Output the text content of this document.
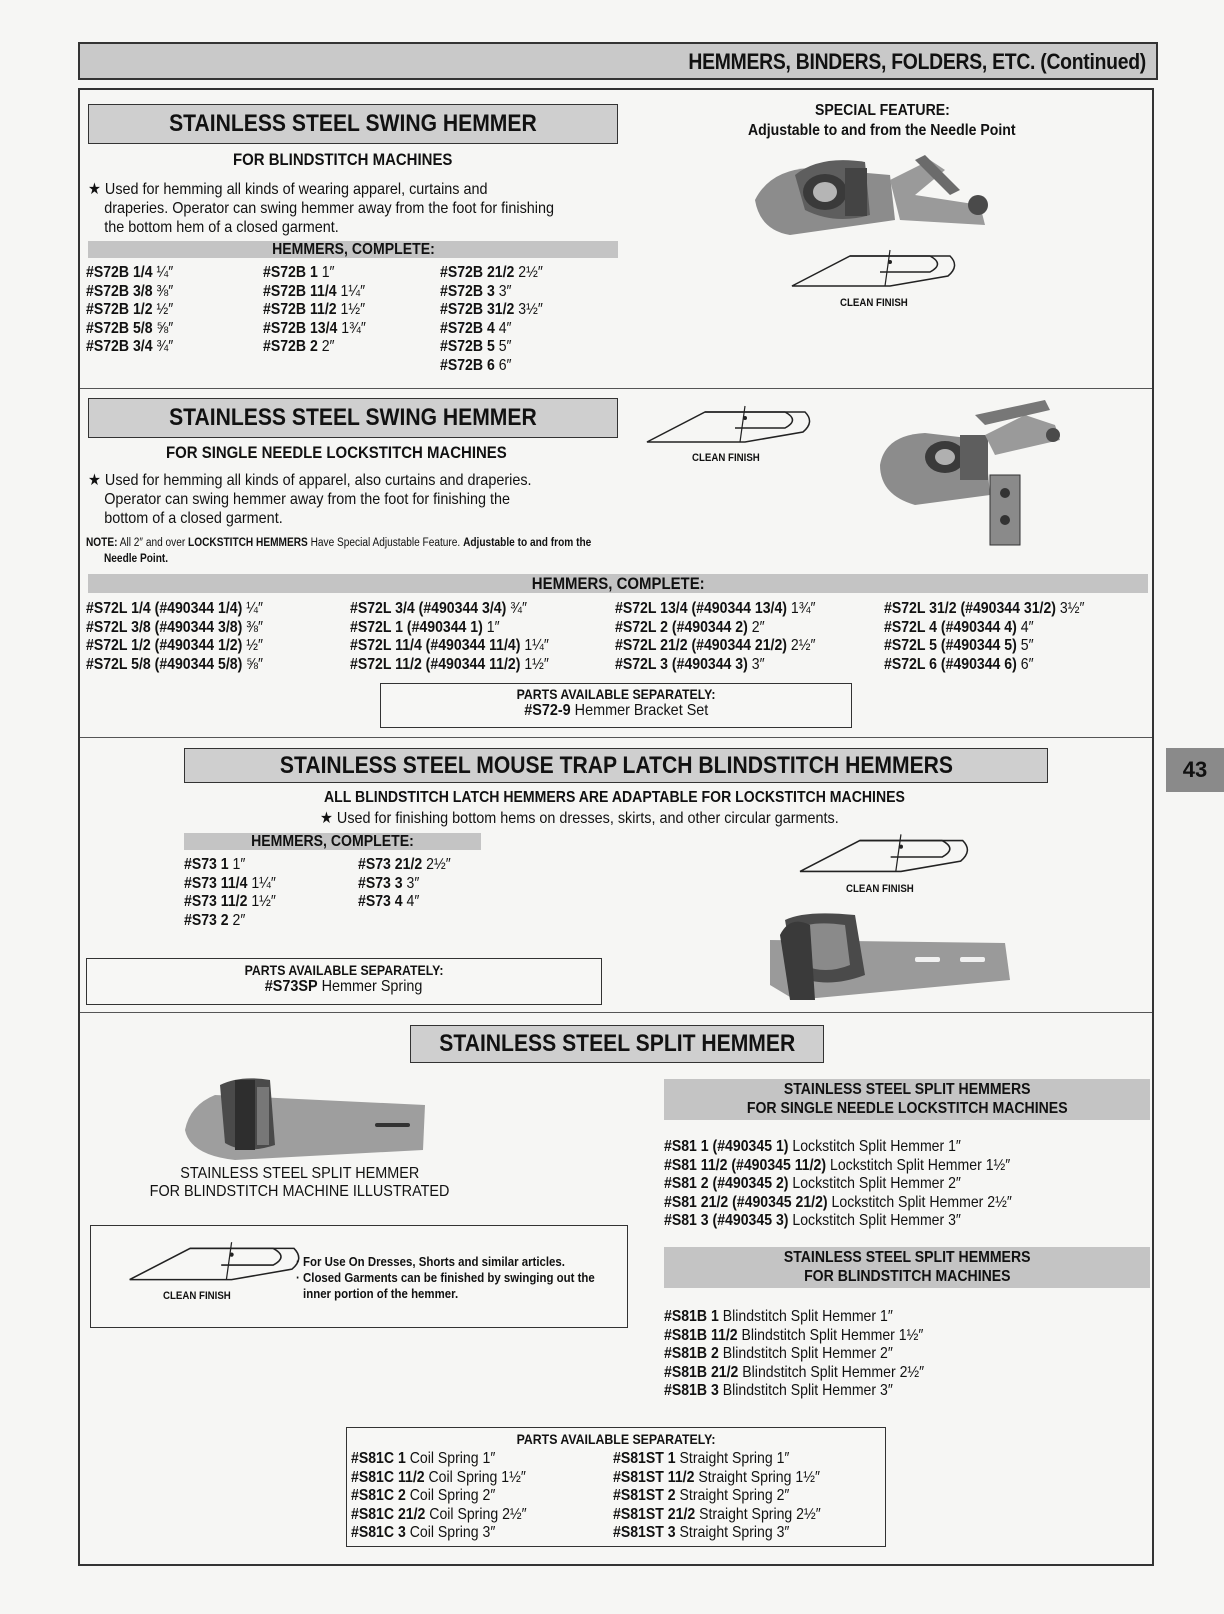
HEMMERS, BINDERS, FOLDERS, ETC. (Continued)
43
STAINLESS STEEL SWING HEMMER
FOR BLINDSTITCH MACHINES
★ Used for hemming all kinds of wearing apparel, curtains and
draperies. Operator can swing hemmer away from the foot for finishing
the bottom hem of a closed garment.
HEMMERS, COMPLETE:
#S72B 1/4 ¼″
#S72B 3/8 ⅜″
#S72B 1/2 ½″
#S72B 5/8 ⅝″
#S72B 3/4 ¾″
#S72B 1 1″
#S72B 11/4 1¼″
#S72B 11/2 1½″
#S72B 13/4 1¾″
#S72B 2 2″
#S72B 21/2 2½″
#S72B 3 3″
#S72B 31/2 3½″
#S72B 4 4″
#S72B 5 5″
#S72B 6 6″
SPECIAL FEATURE:
Adjustable to and from the Needle Point
CLEAN FINISH
STAINLESS STEEL SWING HEMMER
FOR SINGLE NEEDLE LOCKSTITCH MACHINES
★ Used for hemming all kinds of apparel, also curtains and draperies.
Operator can swing hemmer away from the foot for finishing the
bottom of a closed garment.
NOTE: All 2″ and over LOCKSTITCH HEMMERS Have Special Adjustable Feature. Adjustable to and from the
Needle Point.
CLEAN FINISH
HEMMERS, COMPLETE:
#S72L 1/4 (#490344 1/4) ¼″
#S72L 3/8 (#490344 3/8) ⅜″
#S72L 1/2 (#490344 1/2) ½″
#S72L 5/8 (#490344 5/8) ⅝″
#S72L 3/4 (#490344 3/4) ¾″
#S72L 1 (#490344 1) 1″
#S72L 11/4 (#490344 11/4) 1¼″
#S72L 11/2 (#490344 11/2) 1½″
#S72L 13/4 (#490344 13/4) 1¾″
#S72L 2 (#490344 2) 2″
#S72L 21/2 (#490344 21/2) 2½″
#S72L 3 (#490344 3) 3″
#S72L 31/2 (#490344 31/2) 3½″
#S72L 4 (#490344 4) 4″
#S72L 5 (#490344 5) 5″
#S72L 6 (#490344 6) 6″
PARTS AVAILABLE SEPARATELY:
#S72-9 Hemmer Bracket Set
STAINLESS STEEL MOUSE TRAP LATCH BLINDSTITCH HEMMERS
ALL BLINDSTITCH LATCH HEMMERS ARE ADAPTABLE FOR LOCKSTITCH MACHINES
★ Used for finishing bottom hems on dresses, skirts, and other circular garments.
HEMMERS, COMPLETE:
#S73 1 1″
#S73 11/4 1¼″
#S73 11/2 1½″
#S73 2 2″
#S73 21/2 2½″
#S73 3 3″
#S73 4 4″
PARTS AVAILABLE SEPARATELY:
#S73SP Hemmer Spring
CLEAN FINISH
STAINLESS STEEL SPLIT HEMMER
STAINLESS STEEL SPLIT HEMMER
FOR BLINDSTITCH MACHINE ILLUSTRATED
CLEAN FINISH
· For Use On Dresses, Shorts and similar articles.
· Closed Garments can be finished by swinging out the
inner portion of the hemmer.
STAINLESS STEEL SPLIT HEMMERS
FOR SINGLE NEEDLE LOCKSTITCH MACHINES
#S81 1 (#490345 1) Lockstitch Split Hemmer 1″
#S81 11/2 (#490345 11/2) Lockstitch Split Hemmer 1½″
#S81 2 (#490345 2) Lockstitch Split Hemmer 2″
#S81 21/2 (#490345 21/2) Lockstitch Split Hemmer 2½″
#S81 3 (#490345 3) Lockstitch Split Hemmer 3″
STAINLESS STEEL SPLIT HEMMERS
FOR BLINDSTITCH MACHINES
#S81B 1 Blindstitch Split Hemmer 1″
#S81B 11/2 Blindstitch Split Hemmer 1½″
#S81B 2 Blindstitch Split Hemmer 2″
#S81B 21/2 Blindstitch Split Hemmer 2½″
#S81B 3 Blindstitch Split Hemmer 3″
PARTS AVAILABLE SEPARATELY:
#S81C 1 Coil Spring 1″
#S81C 11/2 Coil Spring 1½″
#S81C 2 Coil Spring 2″
#S81C 21/2 Coil Spring 2½″
#S81C 3 Coil Spring 3″
#S81ST 1 Straight Spring 1″
#S81ST 11/2 Straight Spring 1½″
#S81ST 2 Straight Spring 2″
#S81ST 21/2 Straight Spring 2½″
#S81ST 3 Straight Spring 3″
